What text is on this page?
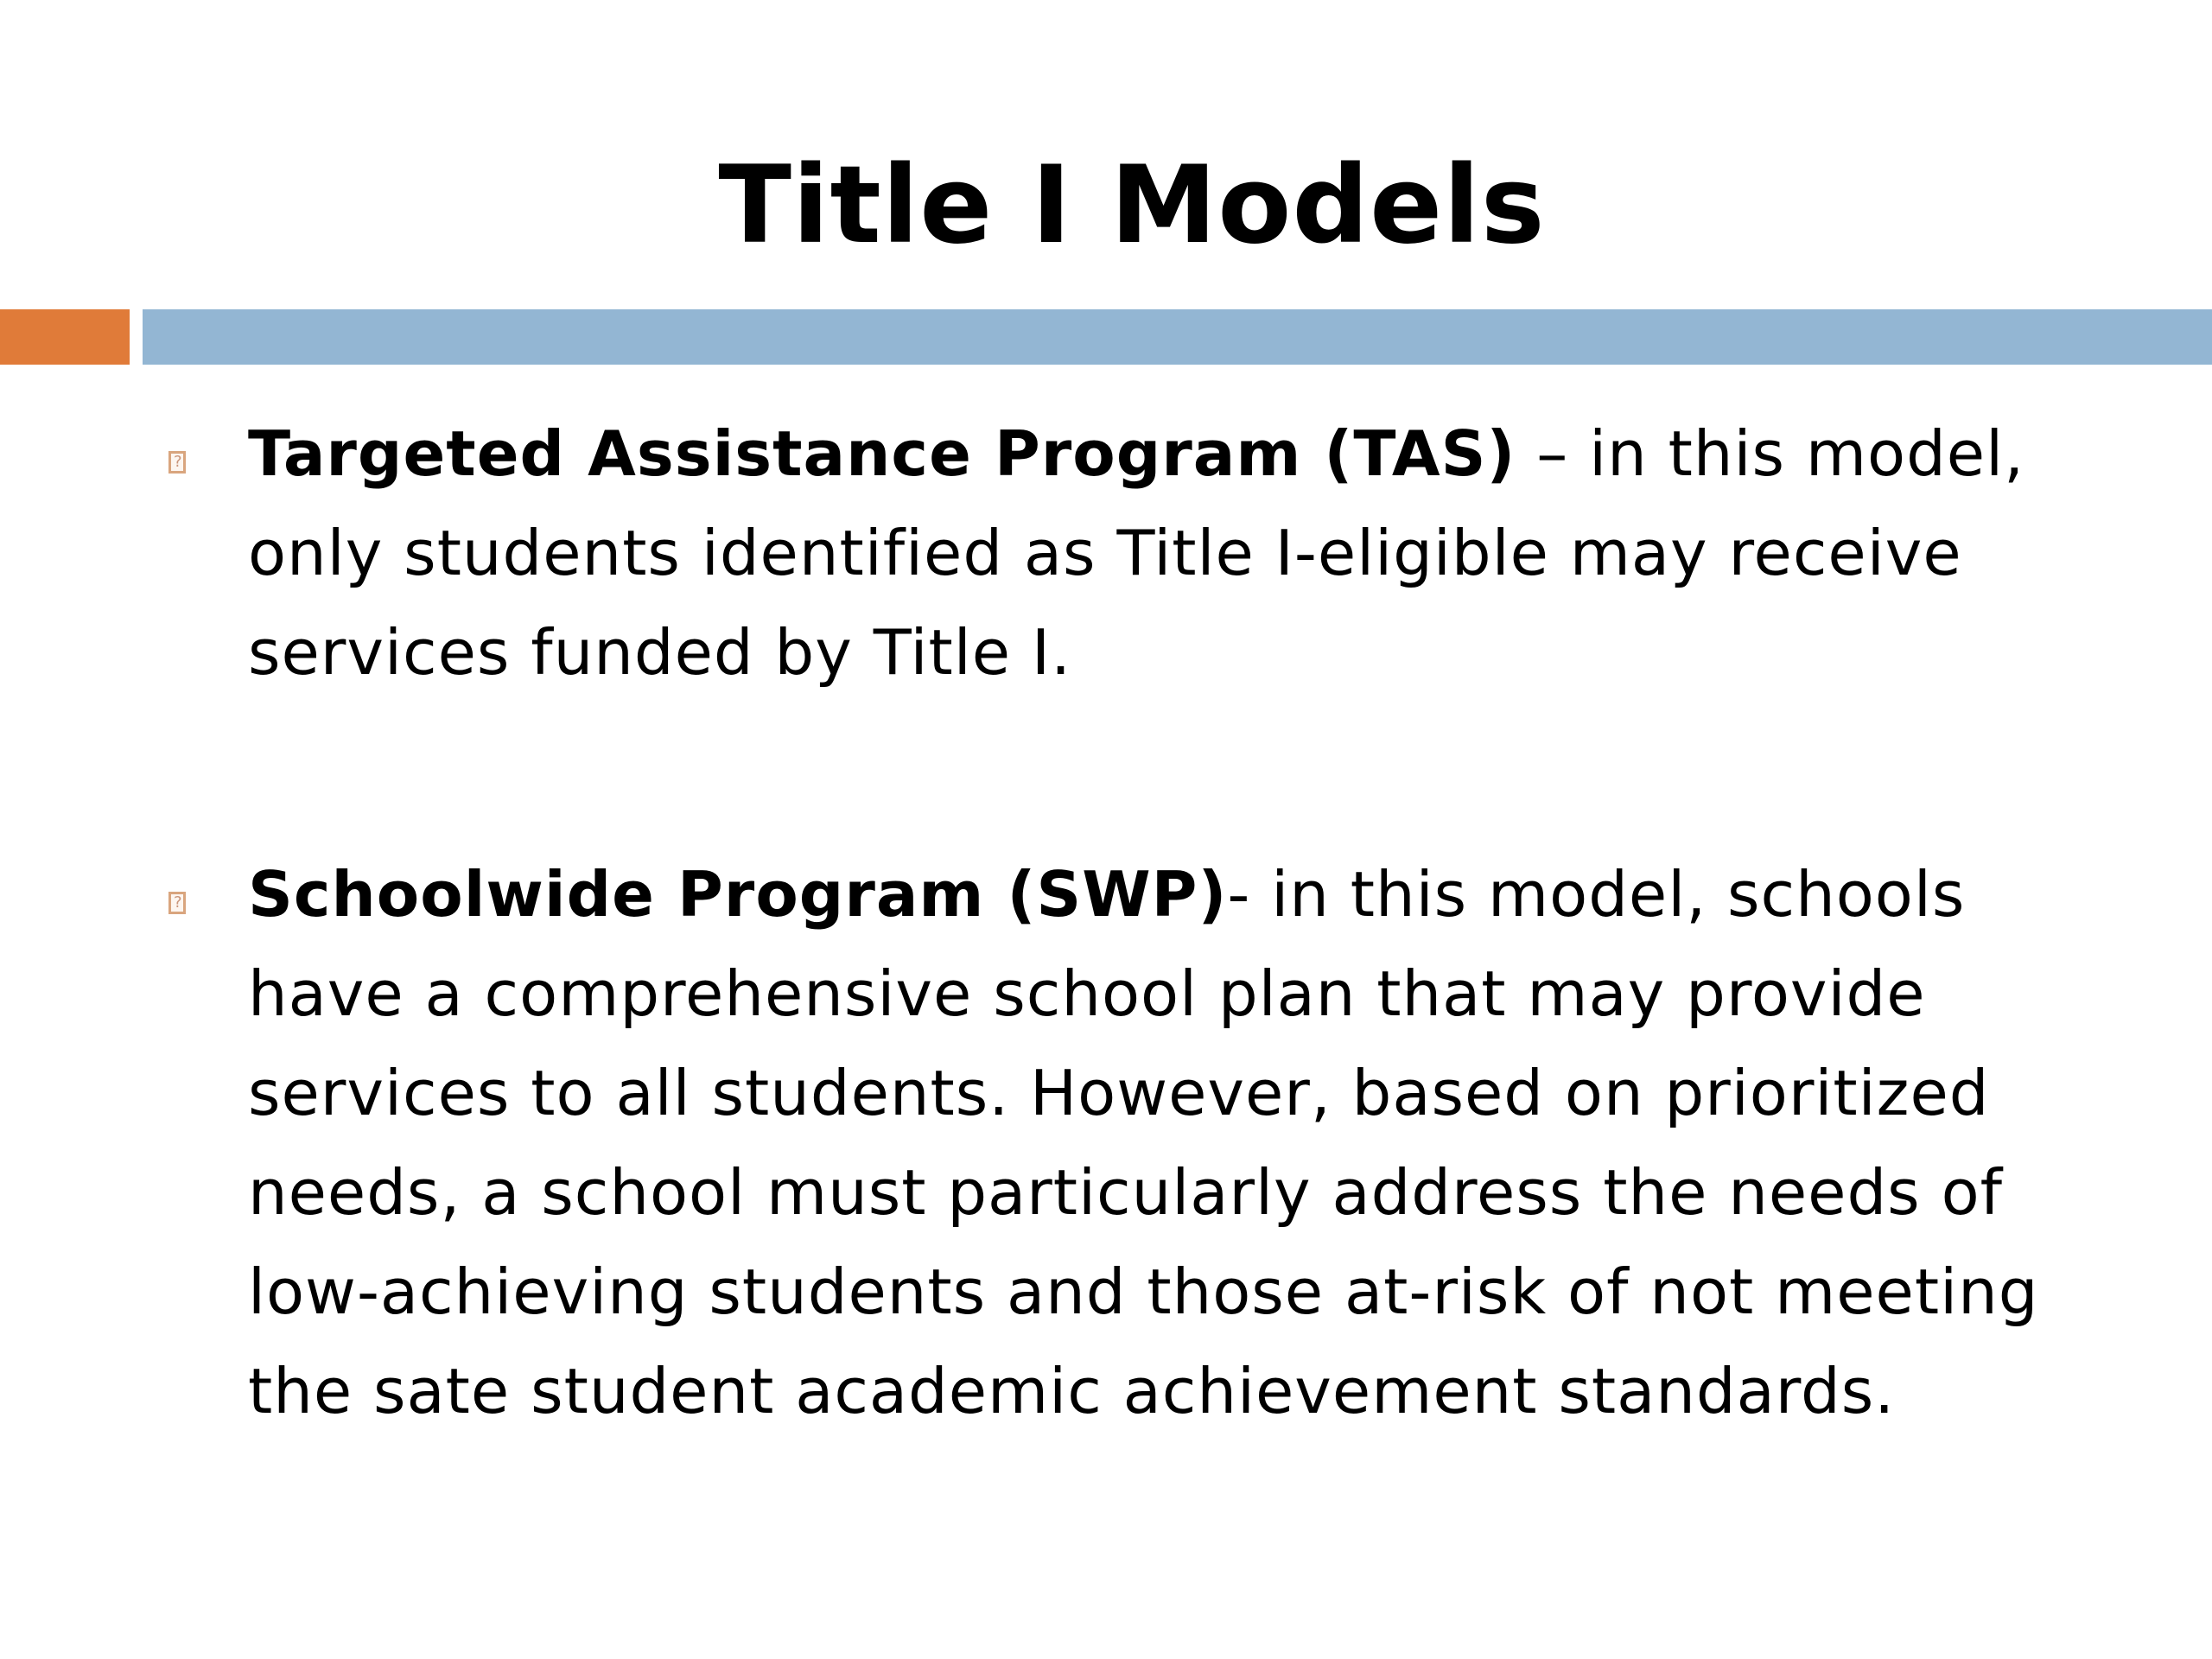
Title I Models
?
Targeted Assistance Program (TAS) – in this model, only students identified as Title I-eligible may receive services funded by Title I.
?
Schoolwide Program (SWP)- in this model, schools have a comprehensive school plan that may provide services to all students. However, based on prioritized needs, a school must particularly address the needs of low-achieving students and those at-risk of not meeting the sate student academic achievement standards.
